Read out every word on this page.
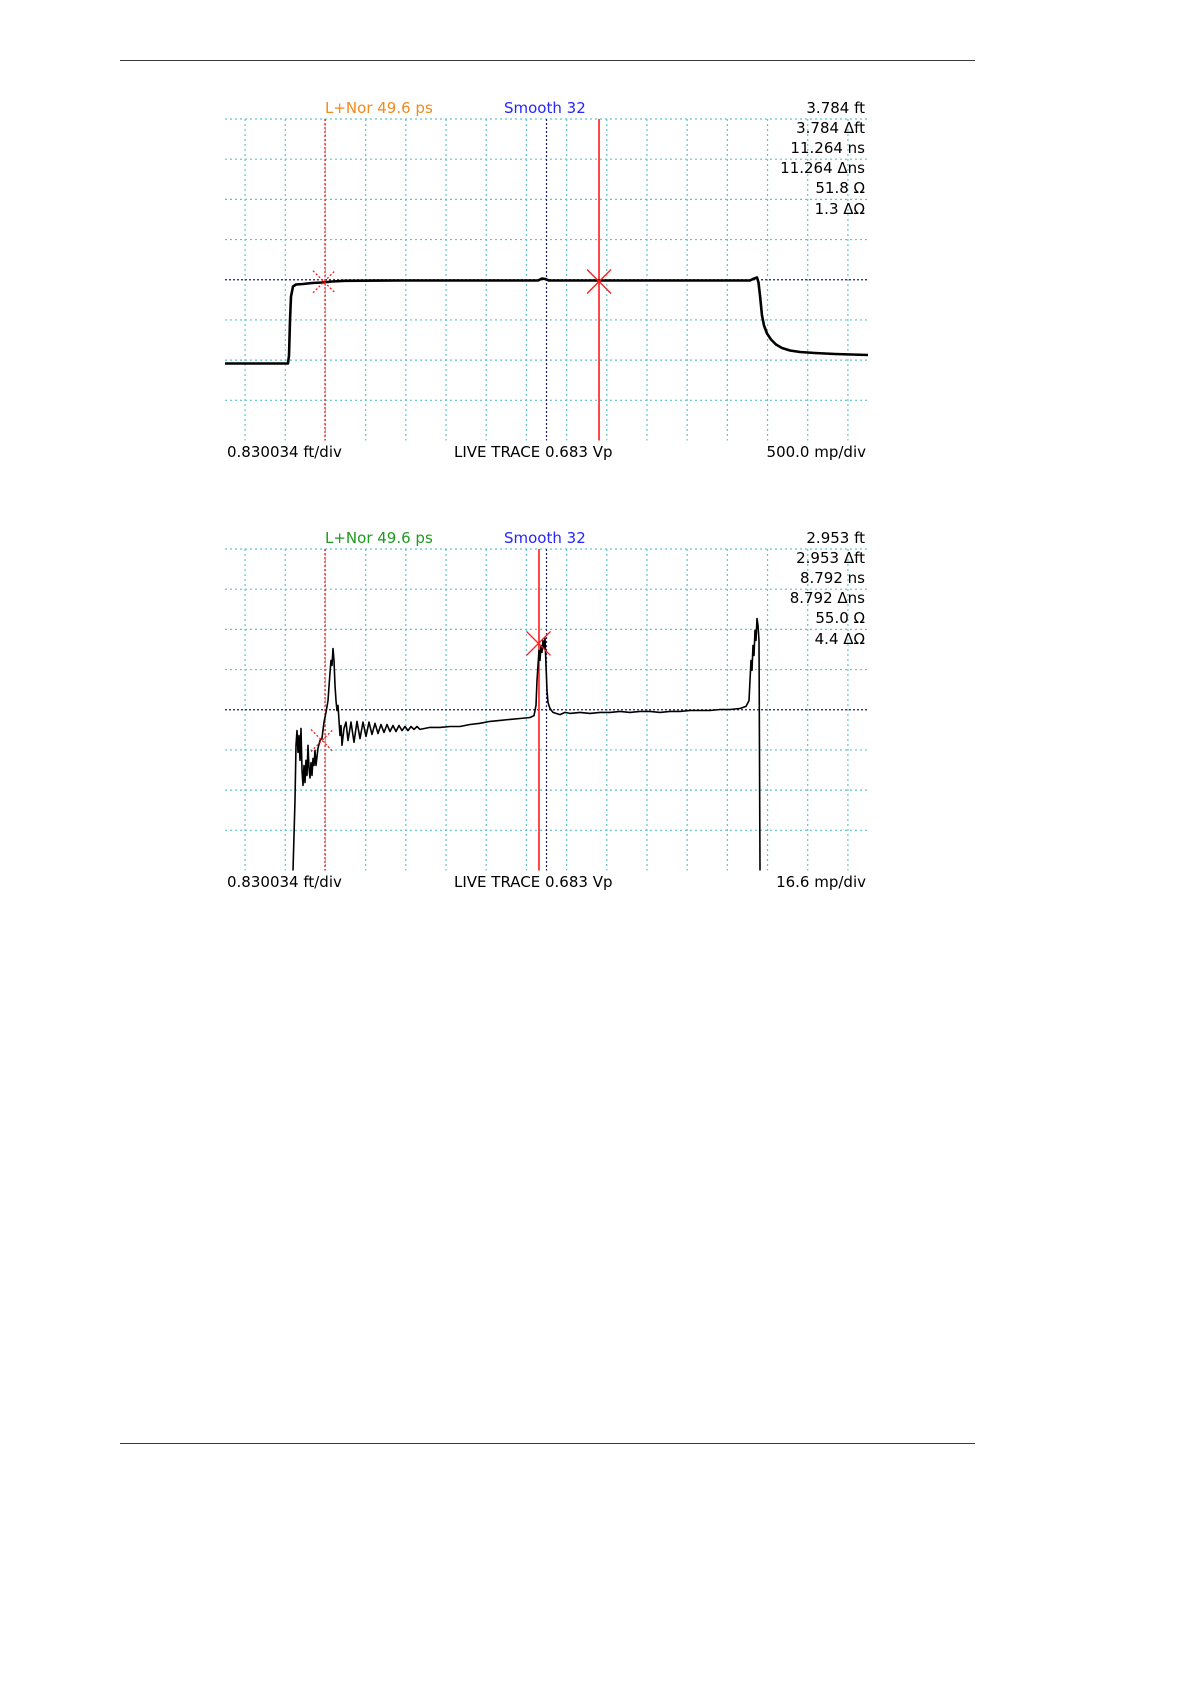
L+Nor 49.6 ps	Smooth 32	3.784 ft
3.784 Δft
11.264 ns
11.264 Δns
51.8 Ω
1.3 ΔΩ
0.830034 ft/div	LIVE TRACE 0.683 Vp	500.0 mp/div
L+Nor 49.6 ps	Smooth 32	2.953 ft
2.953 Δft
8.792 ns
8.792 Δns
55.0 Ω
4.4 ΔΩ
0.830034 ft/div	LIVE TRACE 0.683 Vp	16.6 mp/div
